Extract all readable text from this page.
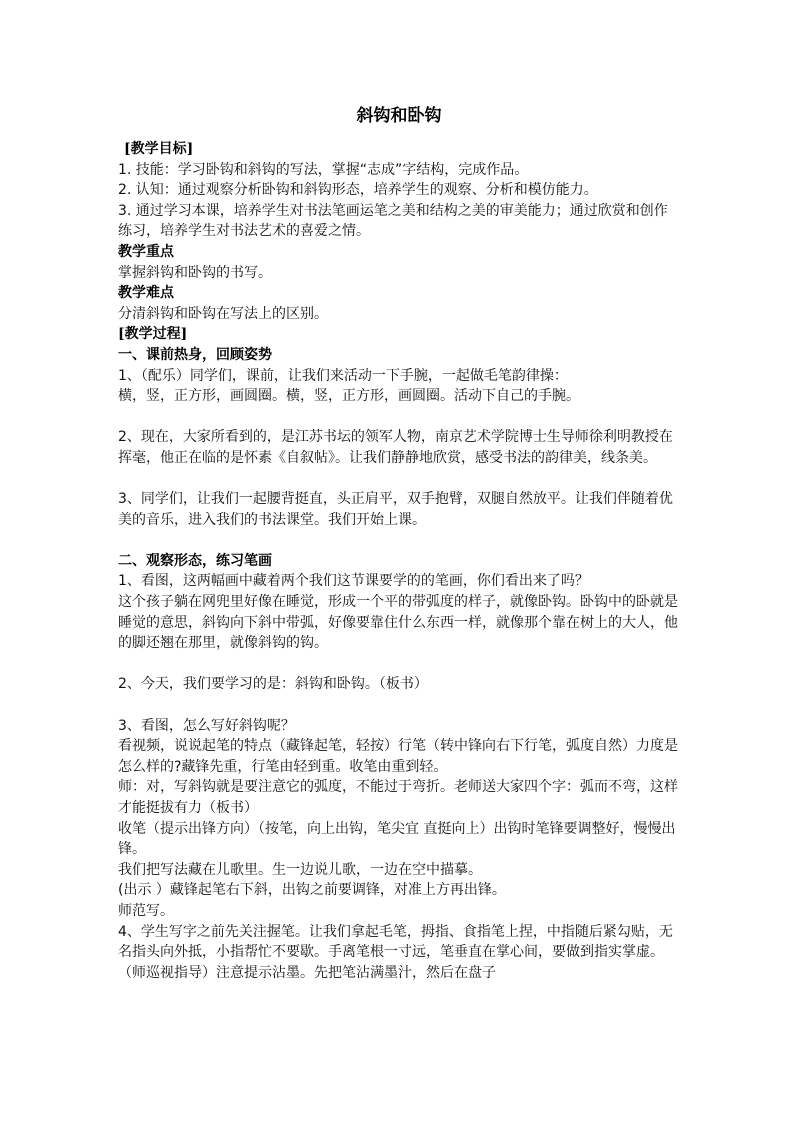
斜钩和卧钩
[教学目标]
1. 技能：学习卧钩和斜钩的写法，掌握“志成”字结构，完成作品。
2. 认知：通过观察分析卧钩和斜钩形态，培养学生的观察、分析和模仿能力。
3. 通过学习本课，培养学生对书法笔画运笔之美和结构之美的审美能力；通过欣赏和创作练习，培养学生对书法艺术的喜爱之情。
教学重点
掌握斜钩和卧钩的书写。
教学难点
分清斜钩和卧钩在写法上的区别。
[教学过程]
一、课前热身，回顾姿势
1、（配乐）同学们，课前，让我们来活动一下手腕，一起做毛笔韵律操：
横，竖，正方形，画圆圈。横，竖，正方形，画圆圈。活动下自己的手腕。
2、现在，大家所看到的，是江苏书坛的领军人物，南京艺术学院博士生导师徐利明教授在挥毫，他正在临的是怀素《自叙帖》。让我们静静地欣赏，感受书法的韵律美，线条美。
3、同学们，让我们一起腰背挺直，头正肩平，双手抱臂，双腿自然放平。让我们伴随着优美的音乐，进入我们的书法课堂。我们开始上课。
二、观察形态，练习笔画
1、看图，这两幅画中藏着两个我们这节课要学的的笔画，你们看出来了吗？
这个孩子躺在网兜里好像在睡觉，形成一个平的带弧度的样子，就像卧钩。卧钩中的卧就是睡觉的意思，斜钩向下斜中带弧，好像要靠住什么东西一样，就像那个靠在树上的大人，他的脚还翘在那里，就像斜钩的钩。
2、今天，我们要学习的是：斜钩和卧钩。（板书）
3、看图，怎么写好斜钩呢？
看视频，说说起笔的特点（藏锋起笔，轻按）行笔（转中锋向右下行笔，弧度自然）力度是怎么样的?藏锋先重，行笔由轻到重。收笔由重到轻。
师：对，写斜钩就是要注意它的弧度，不能过于弯折。老师送大家四个字：弧而不弯，这样才能挺拔有力（板书）
收笔（提示出锋方向）（按笔，向上出钩，笔尖宜 直挺向上）出钩时笔锋要调整好，慢慢出锋。
我们把写法藏在儿歌里。生一边说儿歌，一边在空中描摹。
(出示 ）藏锋起笔右下斜，出钩之前要调锋，对准上方再出锋。
师范写。
4、学生写字之前先关注握笔。让我们拿起毛笔，拇指、食指笔上捏，中指随后紧勾贴，无名指头向外抵，小指帮忙不要歇。手离笔根一寸远，笔垂直在掌心间，要做到指实掌虚。（师巡视指导）注意提示沾墨。先把笔沾满墨汁，然后在盘子
